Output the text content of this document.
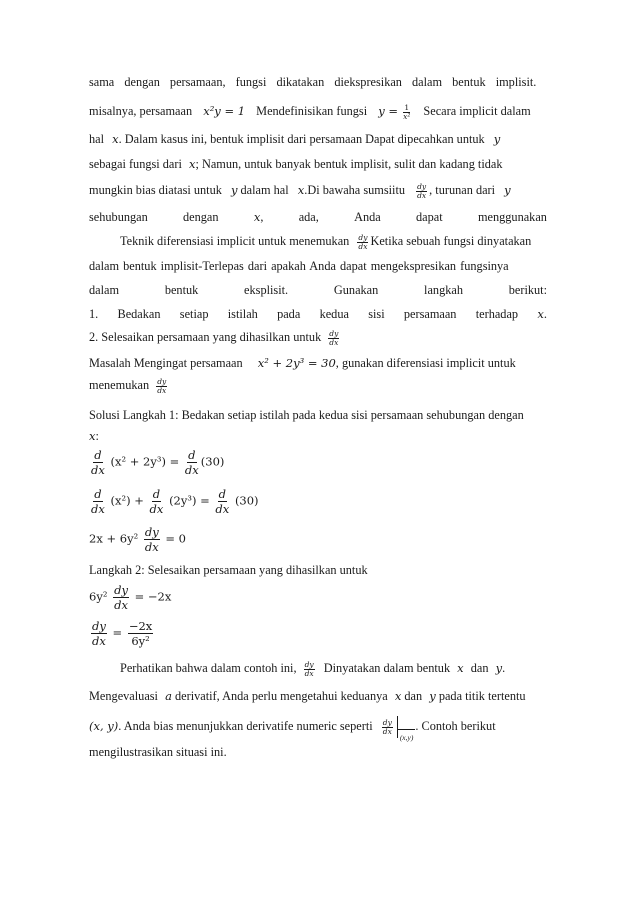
sama dengan persamaan, fungsi dikatakan diekspresikan dalam bentuk implisit.
misalnya, persamaan x²y = 1 Mendefinisikan fungsi $y = \frac{1}{\text{x²}}$ Secara implicit dalam
hal x. Dalam kasus ini, bentuk implisit dari persamaan Dapat dipecahkan untuk y
sebagai fungsi dari x; Namun, untuk banyak bentuk implisit, sulit dan kadang tidak
mungkin bias diatasi untuk y dalam hal x.Di bawaha sumsiitu $\frac{dy}{dx}$ , turunan dari y
sehubungan	dengan	x,	ada,	Anda	dapat	menggunakan
Teknik diferensiasi implicit untuk menemukan $\frac{dy}{dx}$ Ketika sebuah fungsi dinyatakan
dalam bentuk implisit-Terlepas dari apakah Anda dapat mengekspresikan fungsinya
dalam	bentuk	eksplisit.	Gunakan	langkah	berikut:
1. Bedakan setiap istilah pada kedua sisi persamaan terhadap x.
2. Selesaikan persamaan yang dihasilkan untuk $\frac{dy}{dx}$
Masalah Mengingat persamaan x² + 2y³ = 30, gunakan diferensiasi implicit untuk
menemukan $\frac{dy}{dx}$
Solusi Langkah 1: Bedakan setiap istilah pada kedua sisi persamaan sehubungan dengan
x:
$\frac{d}{dx} (x^2 + 2y^3) = \frac{d}{dx} (30)$
$\frac{d}{dx} (x^2) + \frac{d}{dx} (2y^3) = \frac{d}{dx} (30)$
$2x + 6y^2 \frac{dy}{dx} = 0$
Langkah 2: Selesaikan persamaan yang dihasilkan untuk
$6y^2 \frac{dy}{dx} = -2x$
$\frac{dy}{dx} = \frac{-2x}{\text{6y²}}$
Perhatikan bahwa dalam contoh ini, $\frac{dy}{dx}$ Dinyatakan dalam bentuk x dan y.
Mengevaluasi a derivatif, Anda perlu mengetahui keduanya x dan y pada titik tertentu
(x, y). Anda bias menunjukkan derivatife numeric seperti $\frac{dy}{dx}$
(x,y). Contoh berikut
mengilustrasikan situasi ini.
